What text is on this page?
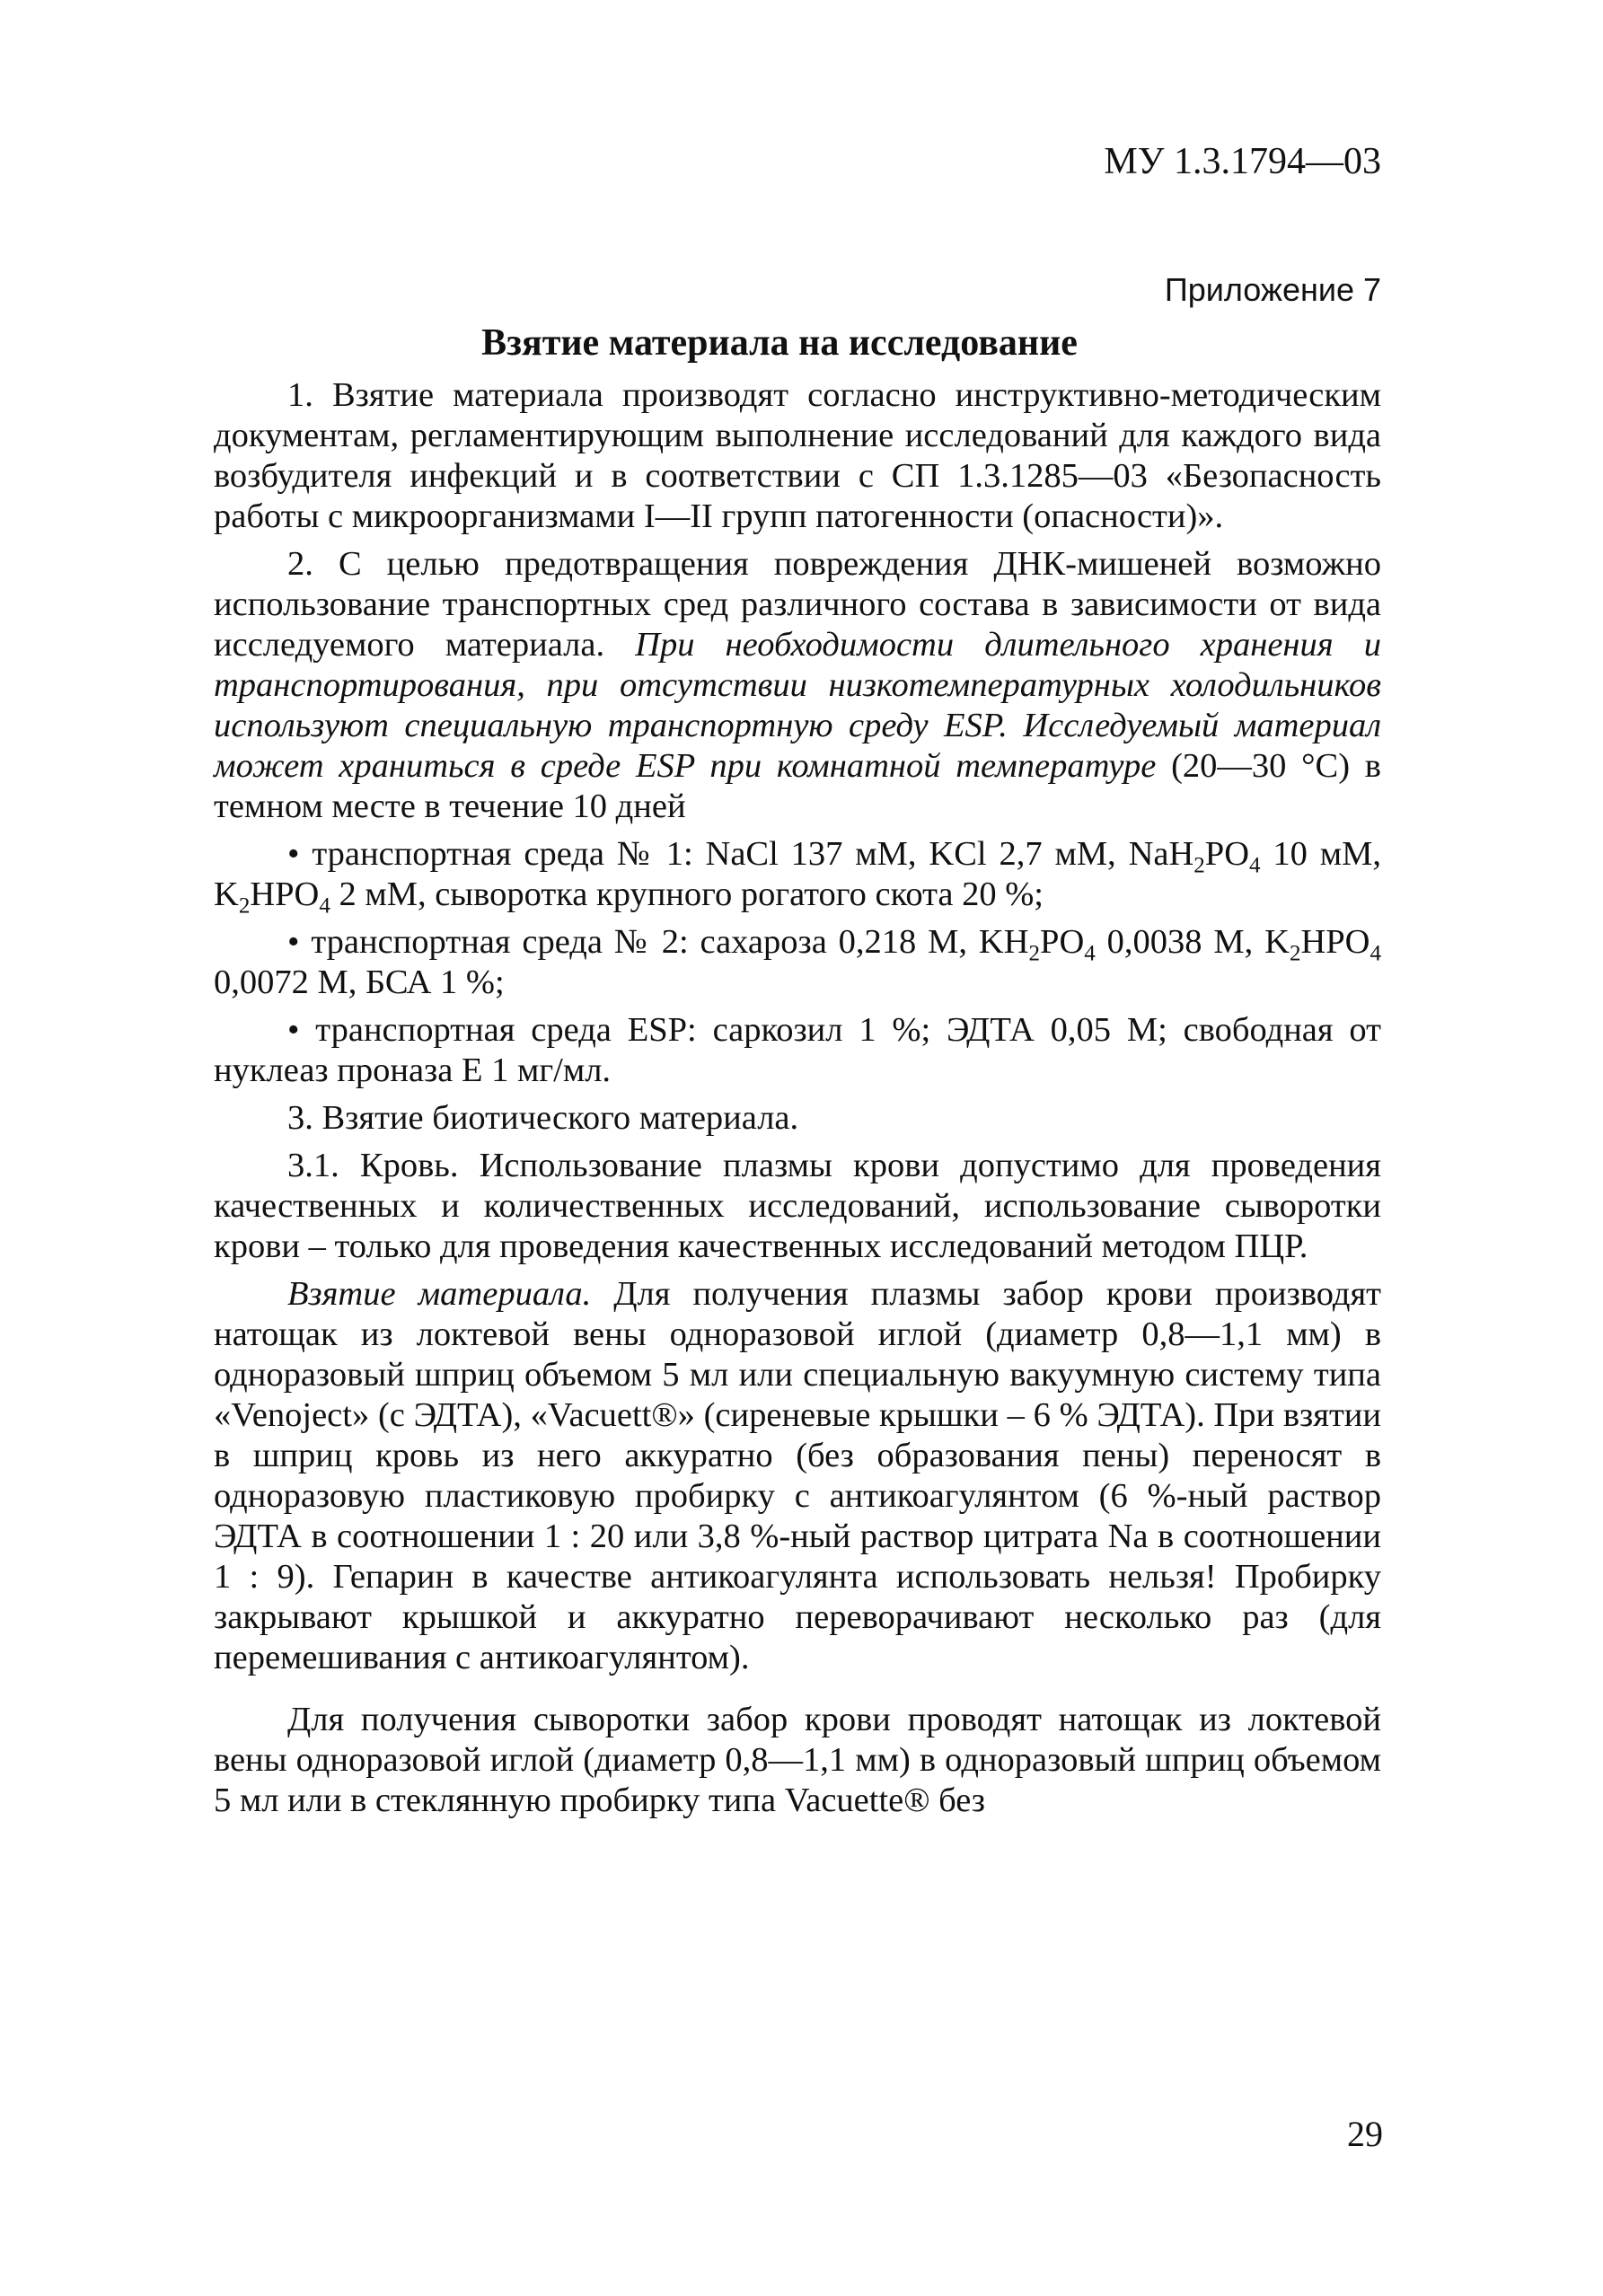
МУ 1.3.1794—03
Приложение 7
Взятие материала на исследование

1. Взятие материала производят согласно инструктивно-методическим документам, регламентирующим выполнение исследований для каждого вида возбудителя инфекций и в соответствии с СП 1.3.1285—03 «Безопасность работы с микроорганизмами I—II групп патогенности (опасности)».

2. С целью предотвращения повреждения ДНК-мишеней возможно использование транспортных сред различного состава в зависимости от вида исследуемого материала. При необходимости длительного хранения и транспортирования, при отсутствии низкотемпературных холодильников используют специальную транспортную среду ESP. Исследуемый материал может храниться в среде ESP при комнатной температуре (20—30 °С) в темном месте в течение 10 дней

• транспортная среда № 1: NaCl 137 мМ, KCl 2,7 мМ, $NaH_2PO_4$ 10 мМ, $K_2HPO_4$ 2 мМ, сыворотка крупного рогатого скота 20 %;

• транспортная среда № 2: сахароза 0,218 М, $KH_2PO_4$ 0,0038 М, $K_2HPO_4$ 0,0072 М, БСА 1 %;

• транспортная среда ESP: саркозил 1 %; ЭДТА 0,05 М; свободная от нуклеаз проназа Е 1 мг/мл.

3. Взятие биотического материала.

3.1. Кровь. Использование плазмы крови допустимо для проведения качественных и количественных исследований, использование сыворотки крови – только для проведения качественных исследований методом ПЦР.

Взятие материала. Для получения плазмы забор крови производят натощак из локтевой вены одноразовой иглой (диаметр 0,8—1,1 мм) в одноразовый шприц объемом 5 мл или специальную вакуумную систему типа «Venoject» (с ЭДТА), «Vacuett®» (сиреневые крышки – 6 % ЭДТА). При взятии в шприц кровь из него аккуратно (без образования пены) переносят в одноразовую пластиковую пробирку с антикоагулянтом (6 %-ный раствор ЭДТА в соотношении 1 : 20 или 3,8 %-ный раствор цитрата Na в соотношении 1 : 9). Гепарин в качестве антикоагулянта использовать нельзя! Пробирку закрывают крышкой и аккуратно переворачивают несколько раз (для перемешивания с антикоагулянтом).

Для получения сыворотки забор крови проводят натощак из локтевой вены одноразовой иглой (диаметр 0,8—1,1 мм) в одноразовый шприц объемом 5 мл или в стеклянную пробирку типа Vacuette® без

29
